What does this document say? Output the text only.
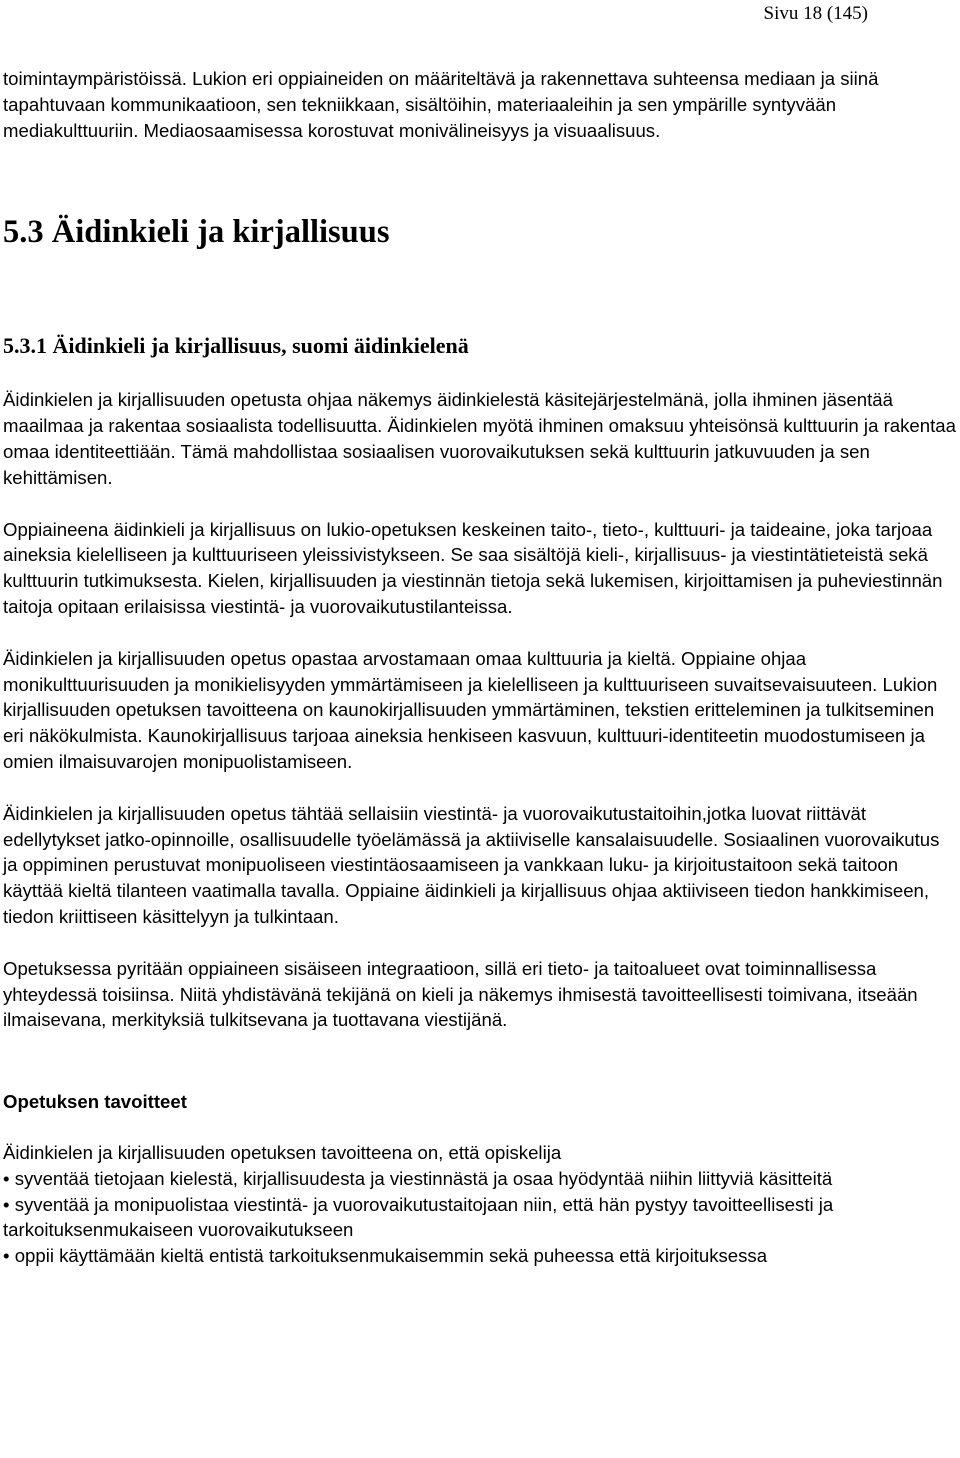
Sivu 18 (145)

toimintaympäristöissä. Lukion eri oppiaineiden on määriteltävä ja rakennettava suhteensa mediaan ja siinä tapahtuvaan kommunikaatioon, sen tekniikkaan, sisältöihin, materiaaleihin ja sen ympärille syntyvään mediakulttuuriin. Mediaosaamisessa korostuvat monivälineisyys ja visuaalisuus.

5.3 Äidinkieli ja kirjallisuus
5.3.1 Äidinkieli ja kirjallisuus, suomi äidinkielenä

Äidinkielen ja kirjallisuuden opetusta ohjaa näkemys äidinkielestä käsitejärjestelmänä, jolla ihminen jäsentää maailmaa ja rakentaa sosiaalista todellisuutta. Äidinkielen myötä ihminen omaksuu yhteisönsä kulttuurin ja rakentaa omaa identiteettiään. Tämä mahdollistaa sosiaalisen vuorovaikutuksen sekä kulttuurin jatkuvuuden ja sen kehittämisen.

Oppiaineena äidinkieli ja kirjallisuus on lukio-opetuksen keskeinen taito-, tieto-, kulttuuri- ja taideaine, joka tarjoaa aineksia kielelliseen ja kulttuuriseen yleissivistykseen. Se saa sisältöjä kieli-, kirjallisuus- ja viestintätieteistä sekä kulttuurin tutkimuksesta. Kielen, kirjallisuuden ja viestinnän tietoja sekä lukemisen, kirjoittamisen ja puheviestinnän taitoja opitaan erilaisissa viestintä- ja vuorovaikutustilanteissa.

Äidinkielen ja kirjallisuuden opetus opastaa arvostamaan omaa kulttuuria ja kieltä. Oppiaine ohjaa monikulttuurisuuden ja monikielisyyden ymmärtämiseen ja kielelliseen ja kulttuuriseen suvaitsevaisuuteen. Lukion kirjallisuuden opetuksen tavoitteena on kaunokirjallisuuden ymmärtäminen, tekstien eritteleminen ja tulkitseminen eri näkökulmista. Kaunokirjallisuus tarjoaa aineksia henkiseen kasvuun, kulttuuri-identiteetin muodostumiseen ja omien ilmaisuvarojen monipuolistamiseen.

Äidinkielen ja kirjallisuuden opetus tähtää sellaisiin viestintä- ja vuorovaikutustaitoihin,jotka luovat riittävät edellytykset jatko-opinnoille, osallisuudelle työelämässä ja aktiiviselle kansalaisuudelle. Sosiaalinen vuorovaikutus ja oppiminen perustuvat monipuoliseen viestintäosaamiseen ja vankkaan luku- ja kirjoitustaitoon sekä taitoon käyttää kieltä tilanteen vaatimalla tavalla. Oppiaine äidinkieli ja kirjallisuus ohjaa aktiiviseen tiedon hankkimiseen, tiedon kriittiseen käsittelyyn ja tulkintaan.

Opetuksessa pyritään oppiaineen sisäiseen integraatioon, sillä eri tieto- ja taitoalueet ovat toiminnallisessa yhteydessä toisiinsa. Niitä yhdistävänä tekijänä on kieli ja näkemys ihmisestä tavoitteellisesti toimivana, itseään ilmaisevana, merkityksiä tulkitsevana ja tuottavana viestijänä.

Opetuksen tavoitteet

Äidinkielen ja kirjallisuuden opetuksen tavoitteena on, että opiskelija

• syventää tietojaan kielestä, kirjallisuudesta ja viestinnästä ja osaa hyödyntää niihin liittyviä käsitteitä
• syventää ja monipuolistaa viestintä- ja vuorovaikutustaitojaan niin, että hän pystyy tavoitteellisesti ja tarkoituksenmukaiseen vuorovaikutukseen
• oppii käyttämään kieltä entistä tarkoituksenmukaisemmin sekä puheessa että kirjoituksessa
